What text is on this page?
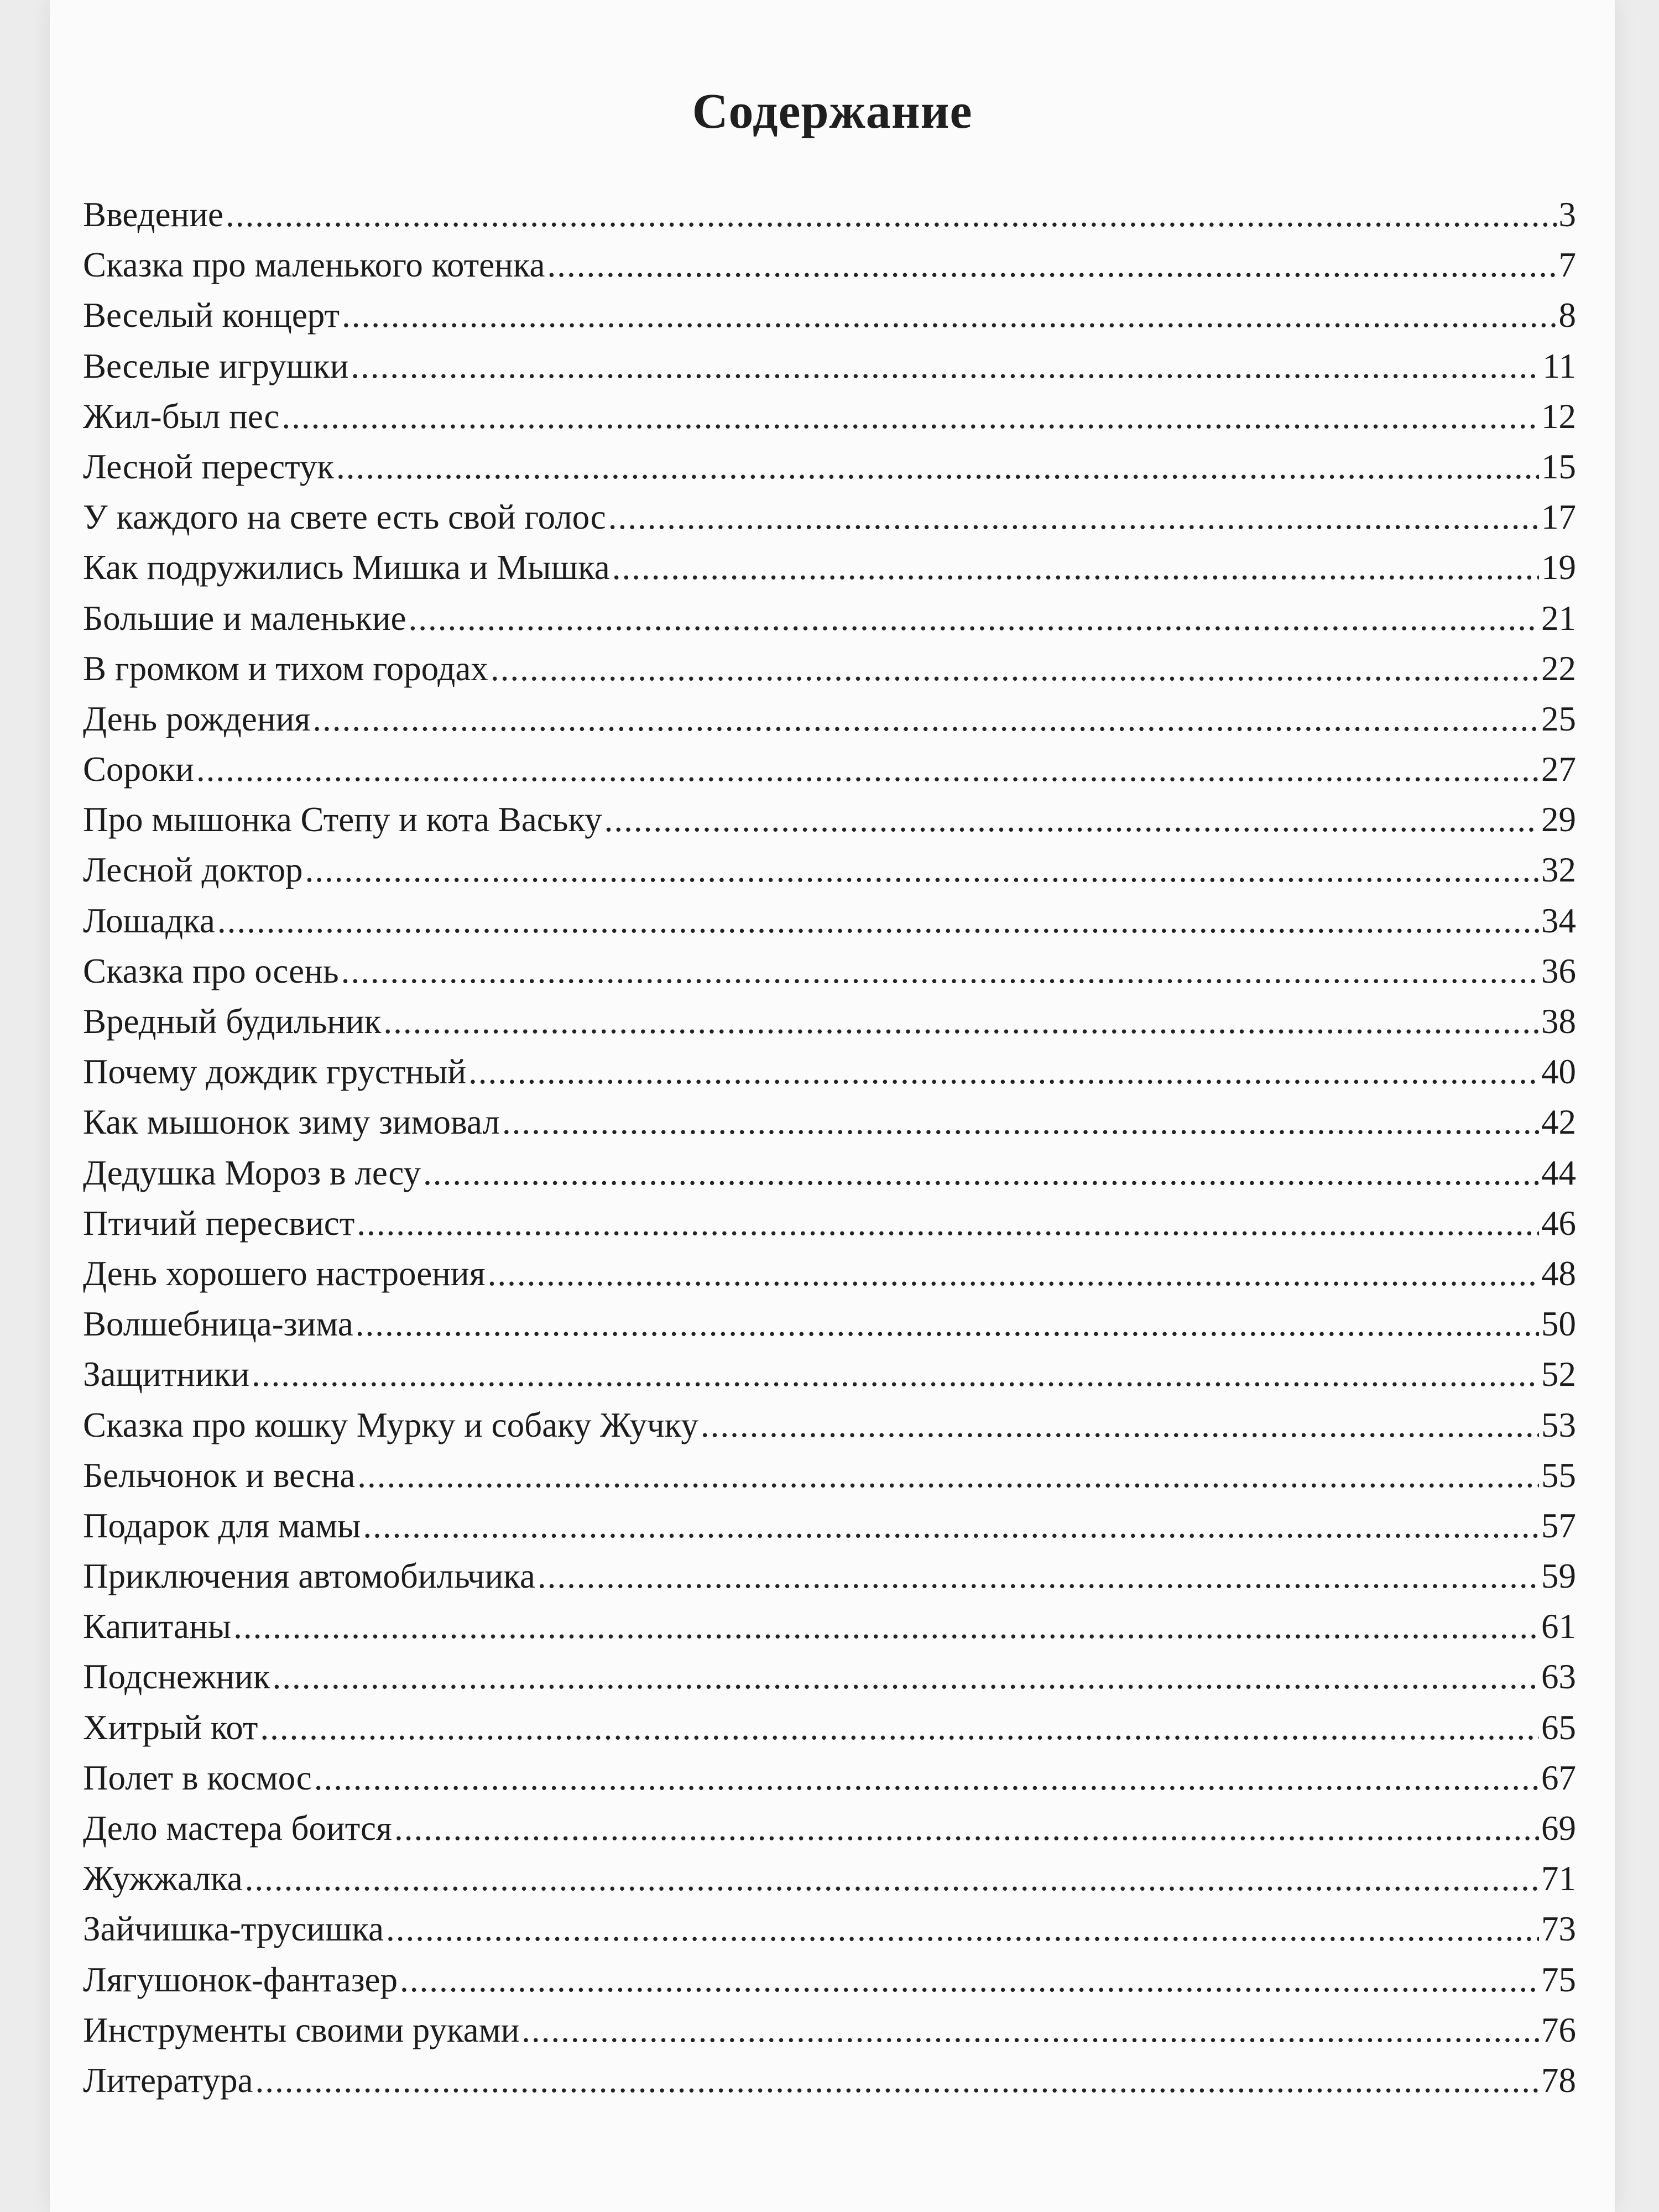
Содержание
Введение .....	3
Сказка про маленького котенка .....	7
Веселый концерт .....	8
Веселые игрушки .....	11
Жил-был пес .....	12
Лесной перестук .....	15
У каждого на свете есть свой голос .....	17
Как подружились Мишка и Мышка .....	19
Большие и маленькие .....	21
В громком и тихом городах .....	22
День рождения .....	25
Сороки .....	27
Про мышонка Степу и кота Ваську .....	29
Лесной доктор .....	32
Лошадка .....	34
Сказка про осень .....	36
Вредный будильник .....	38
Почему дождик грустный .....	40
Как мышонок зиму зимовал .....	42
Дедушка Мороз в лесу .....	44
Птичий пересвист .....	46
День хорошего настроения .....	48
Волшебница-зима .....	50
Защитники .....	52
Сказка про кошку Мурку и собаку Жучку .....	53
Бельчонок и весна .....	55
Подарок для мамы .....	57
Приключения автомобильчика .....	59
Капитаны .....	61
Подснежник .....	63
Хитрый кот .....	65
Полет в космос .....	67
Дело мастера боится .....	69
Жужжалка .....	71
Зайчишка-трусишка .....	73
Лягушонок-фантазер .....	75
Инструменты своими руками .....	76
Литература .....	78
